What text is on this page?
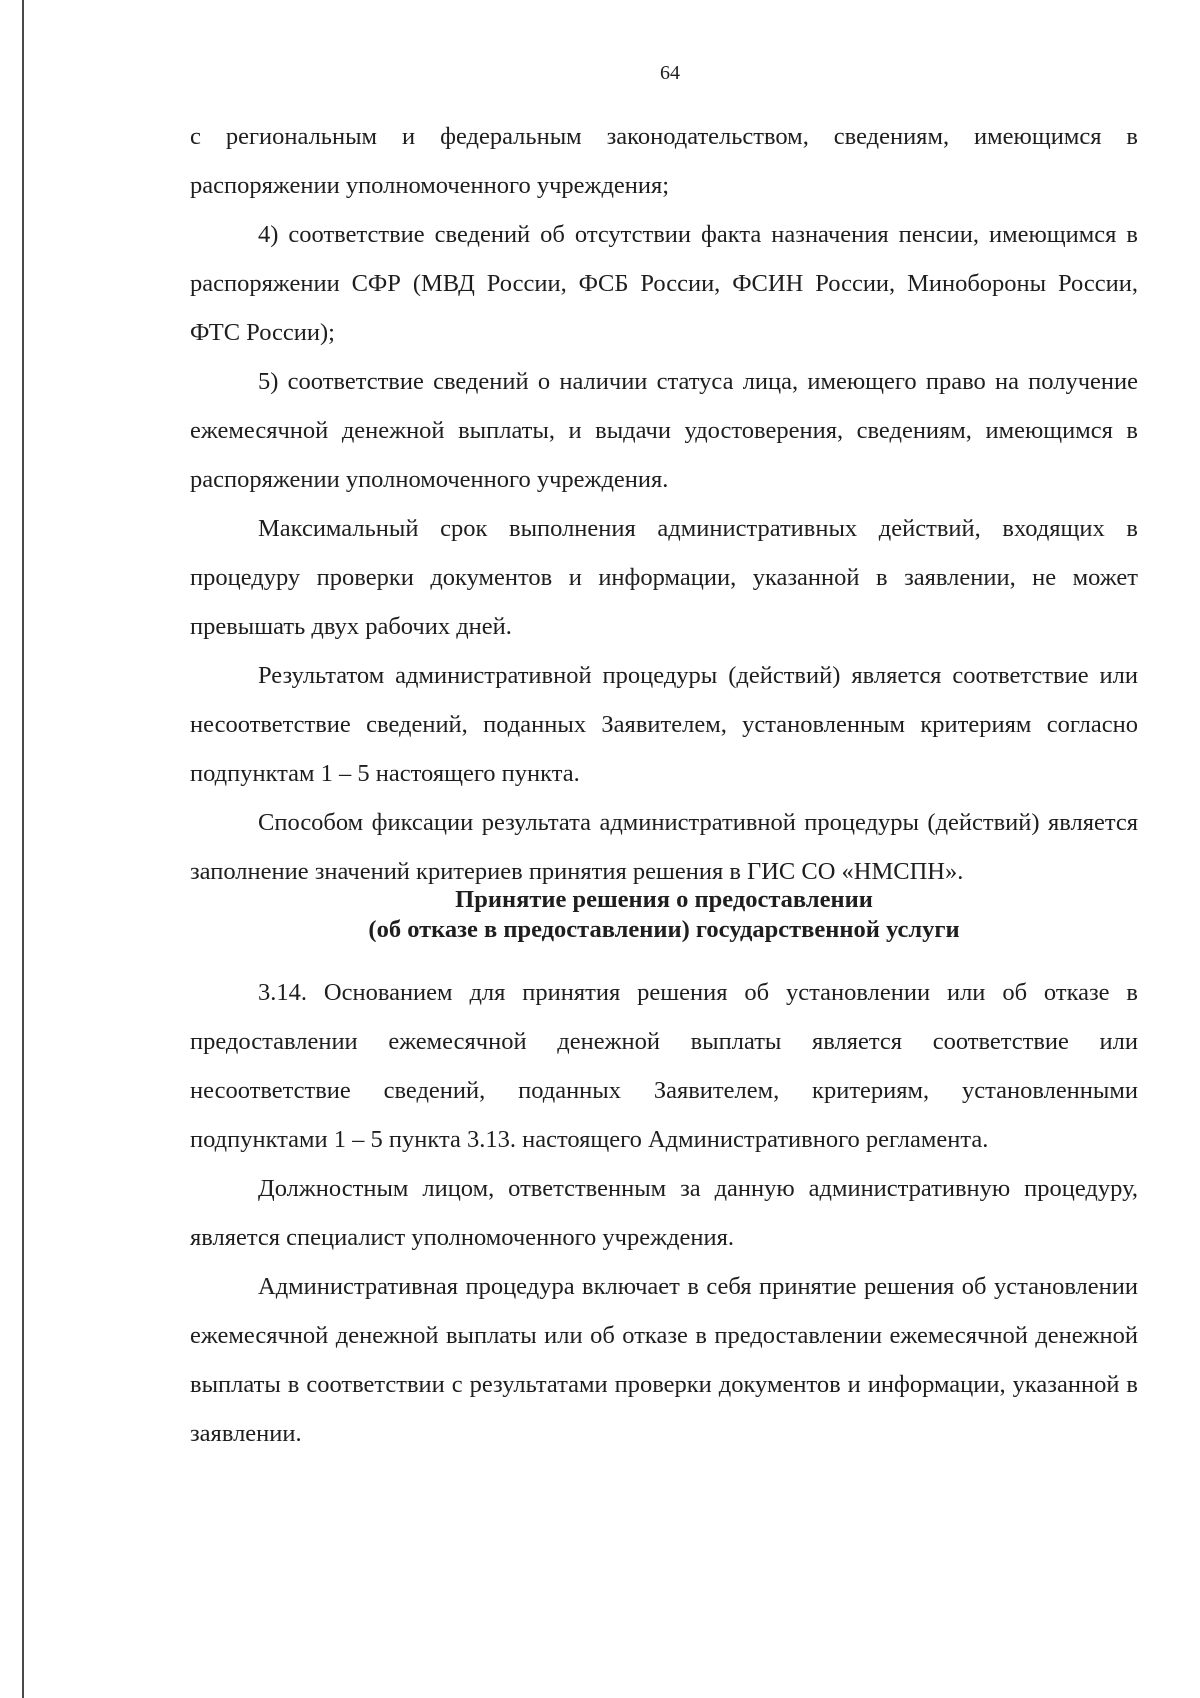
64

с региональным и федеральным законодательством, сведениям, имеющимся в распоряжении уполномоченного учреждения;

4) соответствие сведений об отсутствии факта назначения пенсии, имеющимся в распоряжении СФР (МВД России, ФСБ России, ФСИН России, Минобороны России, ФТС России);

5) соответствие сведений о наличии статуса лица, имеющего право на получение ежемесячной денежной выплаты, и выдачи удостоверения, сведениям, имеющимся в распоряжении уполномоченного учреждения.

Максимальный срок выполнения административных действий, входящих в процедуру проверки документов и информации, указанной в заявлении, не может превышать двух рабочих дней.

Результатом административной процедуры (действий) является соответствие или несоответствие сведений, поданных Заявителем, установленным критериям согласно подпунктам 1 – 5 настоящего пункта.

Способом фиксации результата административной процедуры (действий) является заполнение значений критериев принятия решения в ГИС СО «НМСПН».

Принятие решения о предоставлении

(об отказе в предоставлении) государственной услуги

3.14. Основанием для принятия решения об установлении или об отказе в предоставлении ежемесячной денежной выплаты является соответствие или несоответствие сведений, поданных Заявителем, критериям, установленными подпунктами 1 – 5 пункта 3.13. настоящего Административного регламента.

Должностным лицом, ответственным за данную административную процедуру, является специалист уполномоченного учреждения.

Административная процедура включает в себя принятие решения об установлении ежемесячной денежной выплаты или об отказе в предоставлении ежемесячной денежной выплаты в соответствии с результатами проверки документов и информации, указанной в заявлении.
